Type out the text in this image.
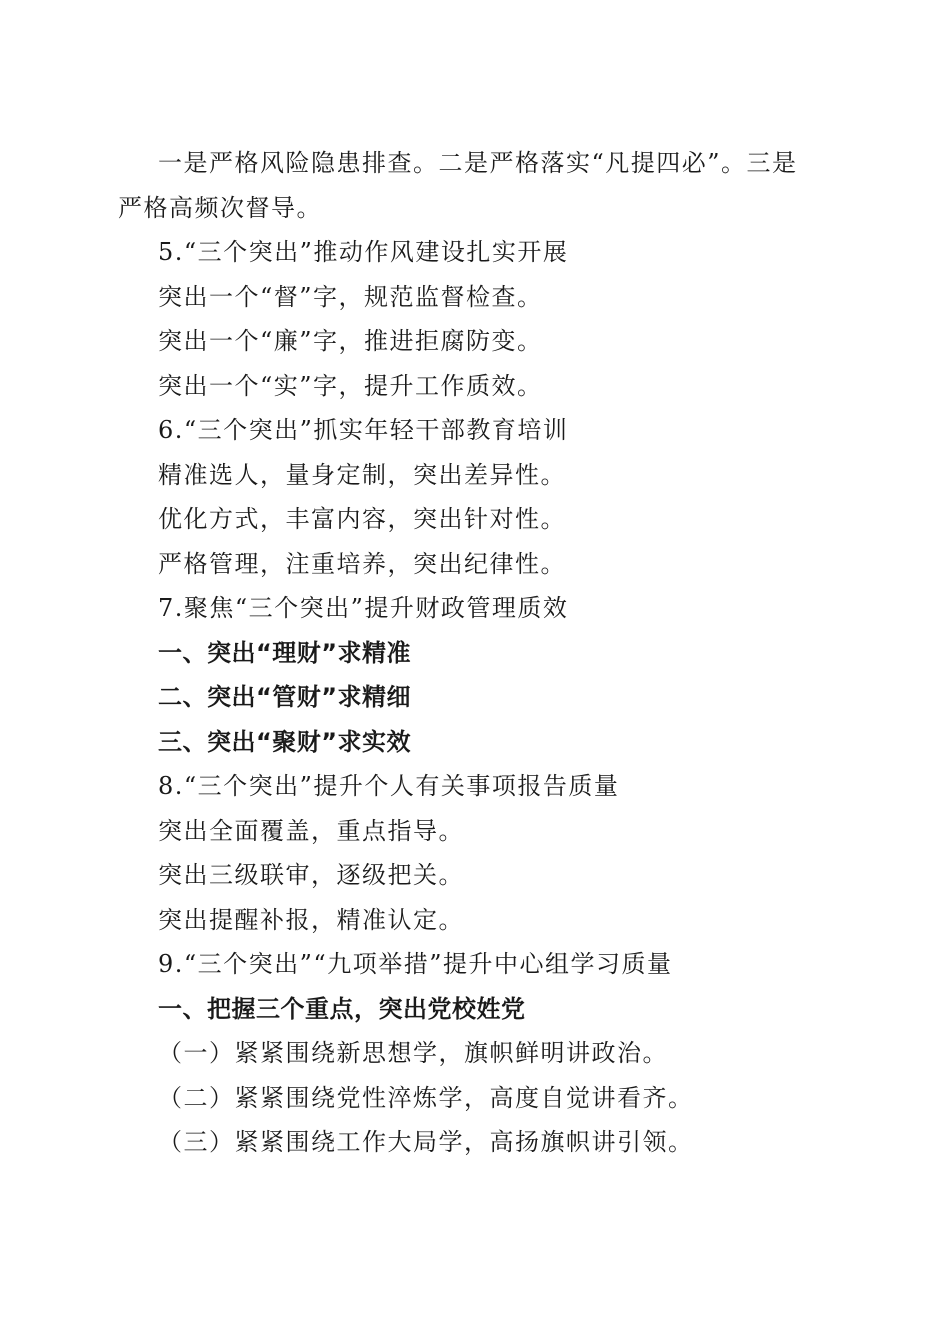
一是严格风险隐患排查。二是严格落实“凡提四必”。三是
严格高频次督导。
5.“三个突出”推动作风建设扎实开展
突出一个“督”字，规范监督检查。
突出一个“廉”字，推进拒腐防变。
突出一个“实”字，提升工作质效。
6.“三个突出”抓实年轻干部教育培训
精准选人，量身定制，突出差异性。
优化方式，丰富内容，突出针对性。
严格管理，注重培养，突出纪律性。
7.聚焦“三个突出”提升财政管理质效
一、突出“理财”求精准
二、突出“管财”求精细
三、突出“聚财”求实效
8.“三个突出”提升个人有关事项报告质量
突出全面覆盖，重点指导。
突出三级联审，逐级把关。
突出提醒补报，精准认定。
9.“三个突出”“九项举措”提升中心组学习质量
一、把握三个重点，突出党校姓党
（一）紧紧围绕新思想学，旗帜鲜明讲政治。
（二）紧紧围绕党性淬炼学，高度自觉讲看齐。
（三）紧紧围绕工作大局学，高扬旗帜讲引领。
